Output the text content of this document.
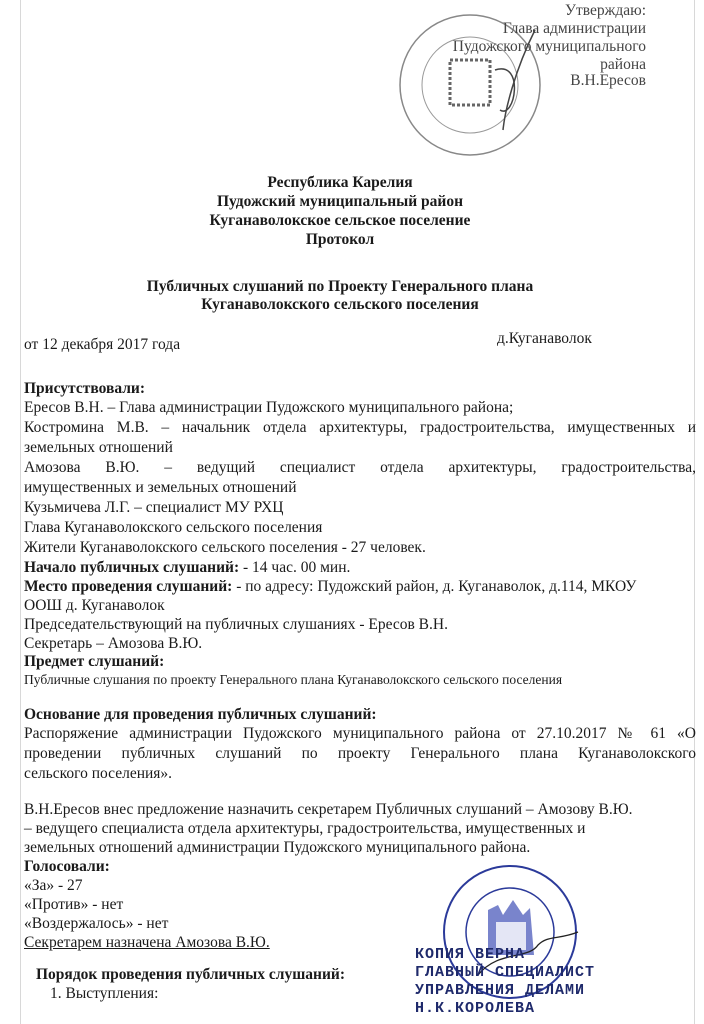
Утверждаю:
Глава администрации
Пудожского муниципального
района
В.Н.Ересов
Республика Карелия
Пудожский муниципальный район
Куганаволокское сельское поселение
Протокол
Публичных слушаний по Проекту Генерального плана
Куганаволокского сельского поселения
от 12 декабря 2017 года	д.Куганаволок
Присутствовали:
Ересов В.Н. – Глава администрации Пудожского муниципального района;
Костромина М.В. – начальник отдела архитектуры, градостроительства, имущественных и
земельных отношений
Амозова В.Ю. – ведущий специалист отдела архитектуры, градостроительства,
имущественных и земельных отношений
Кузьмичева Л.Г. – специалист МУ РХЦ
Глава Куганаволокского сельского поселения
Жители Куганаволокского сельского поселения - 27 человек.
Начало публичных слушаний: - 14 час. 00 мин.
Место проведения слушаний: - по адресу: Пудожский район, д. Куганаволок, д.114, МКОУ
ООШ д. Куганаволок
Председательствующий на публичных слушаниях - Ересов В.Н.
Секретарь – Амозова В.Ю.
Предмет слушаний:
Публичные слушания по проекту Генерального плана Куганаволокского сельского поселения
Основание для проведения публичных слушаний:
Распоряжение администрации Пудожского муниципального района от 27.10.2017 № 61 «О
проведении публичных слушаний по проекту Генерального плана Куганаволокского
сельского поселения».
В.Н.Ересов внес предложение назначить секретарем Публичных слушаний – Амозову В.Ю.
– ведущего специалиста отдела архитектуры, градостроительства, имущественных и
земельных отношений администрации Пудожского муниципального района.
Голосовали:
«За» - 27
«Против» - нет
«Воздержалось» - нет
Секретарем назначена Амозова В.Ю.
Порядок проведения публичных слушаний:
1. Выступления:
КОПИЯ ВЕРНА
ГЛАВНЫЙ СПЕЦИАЛИСТ
УПРАВЛЕНИЯ ДЕЛАМИ
Н.К.КОРОЛЕВА
